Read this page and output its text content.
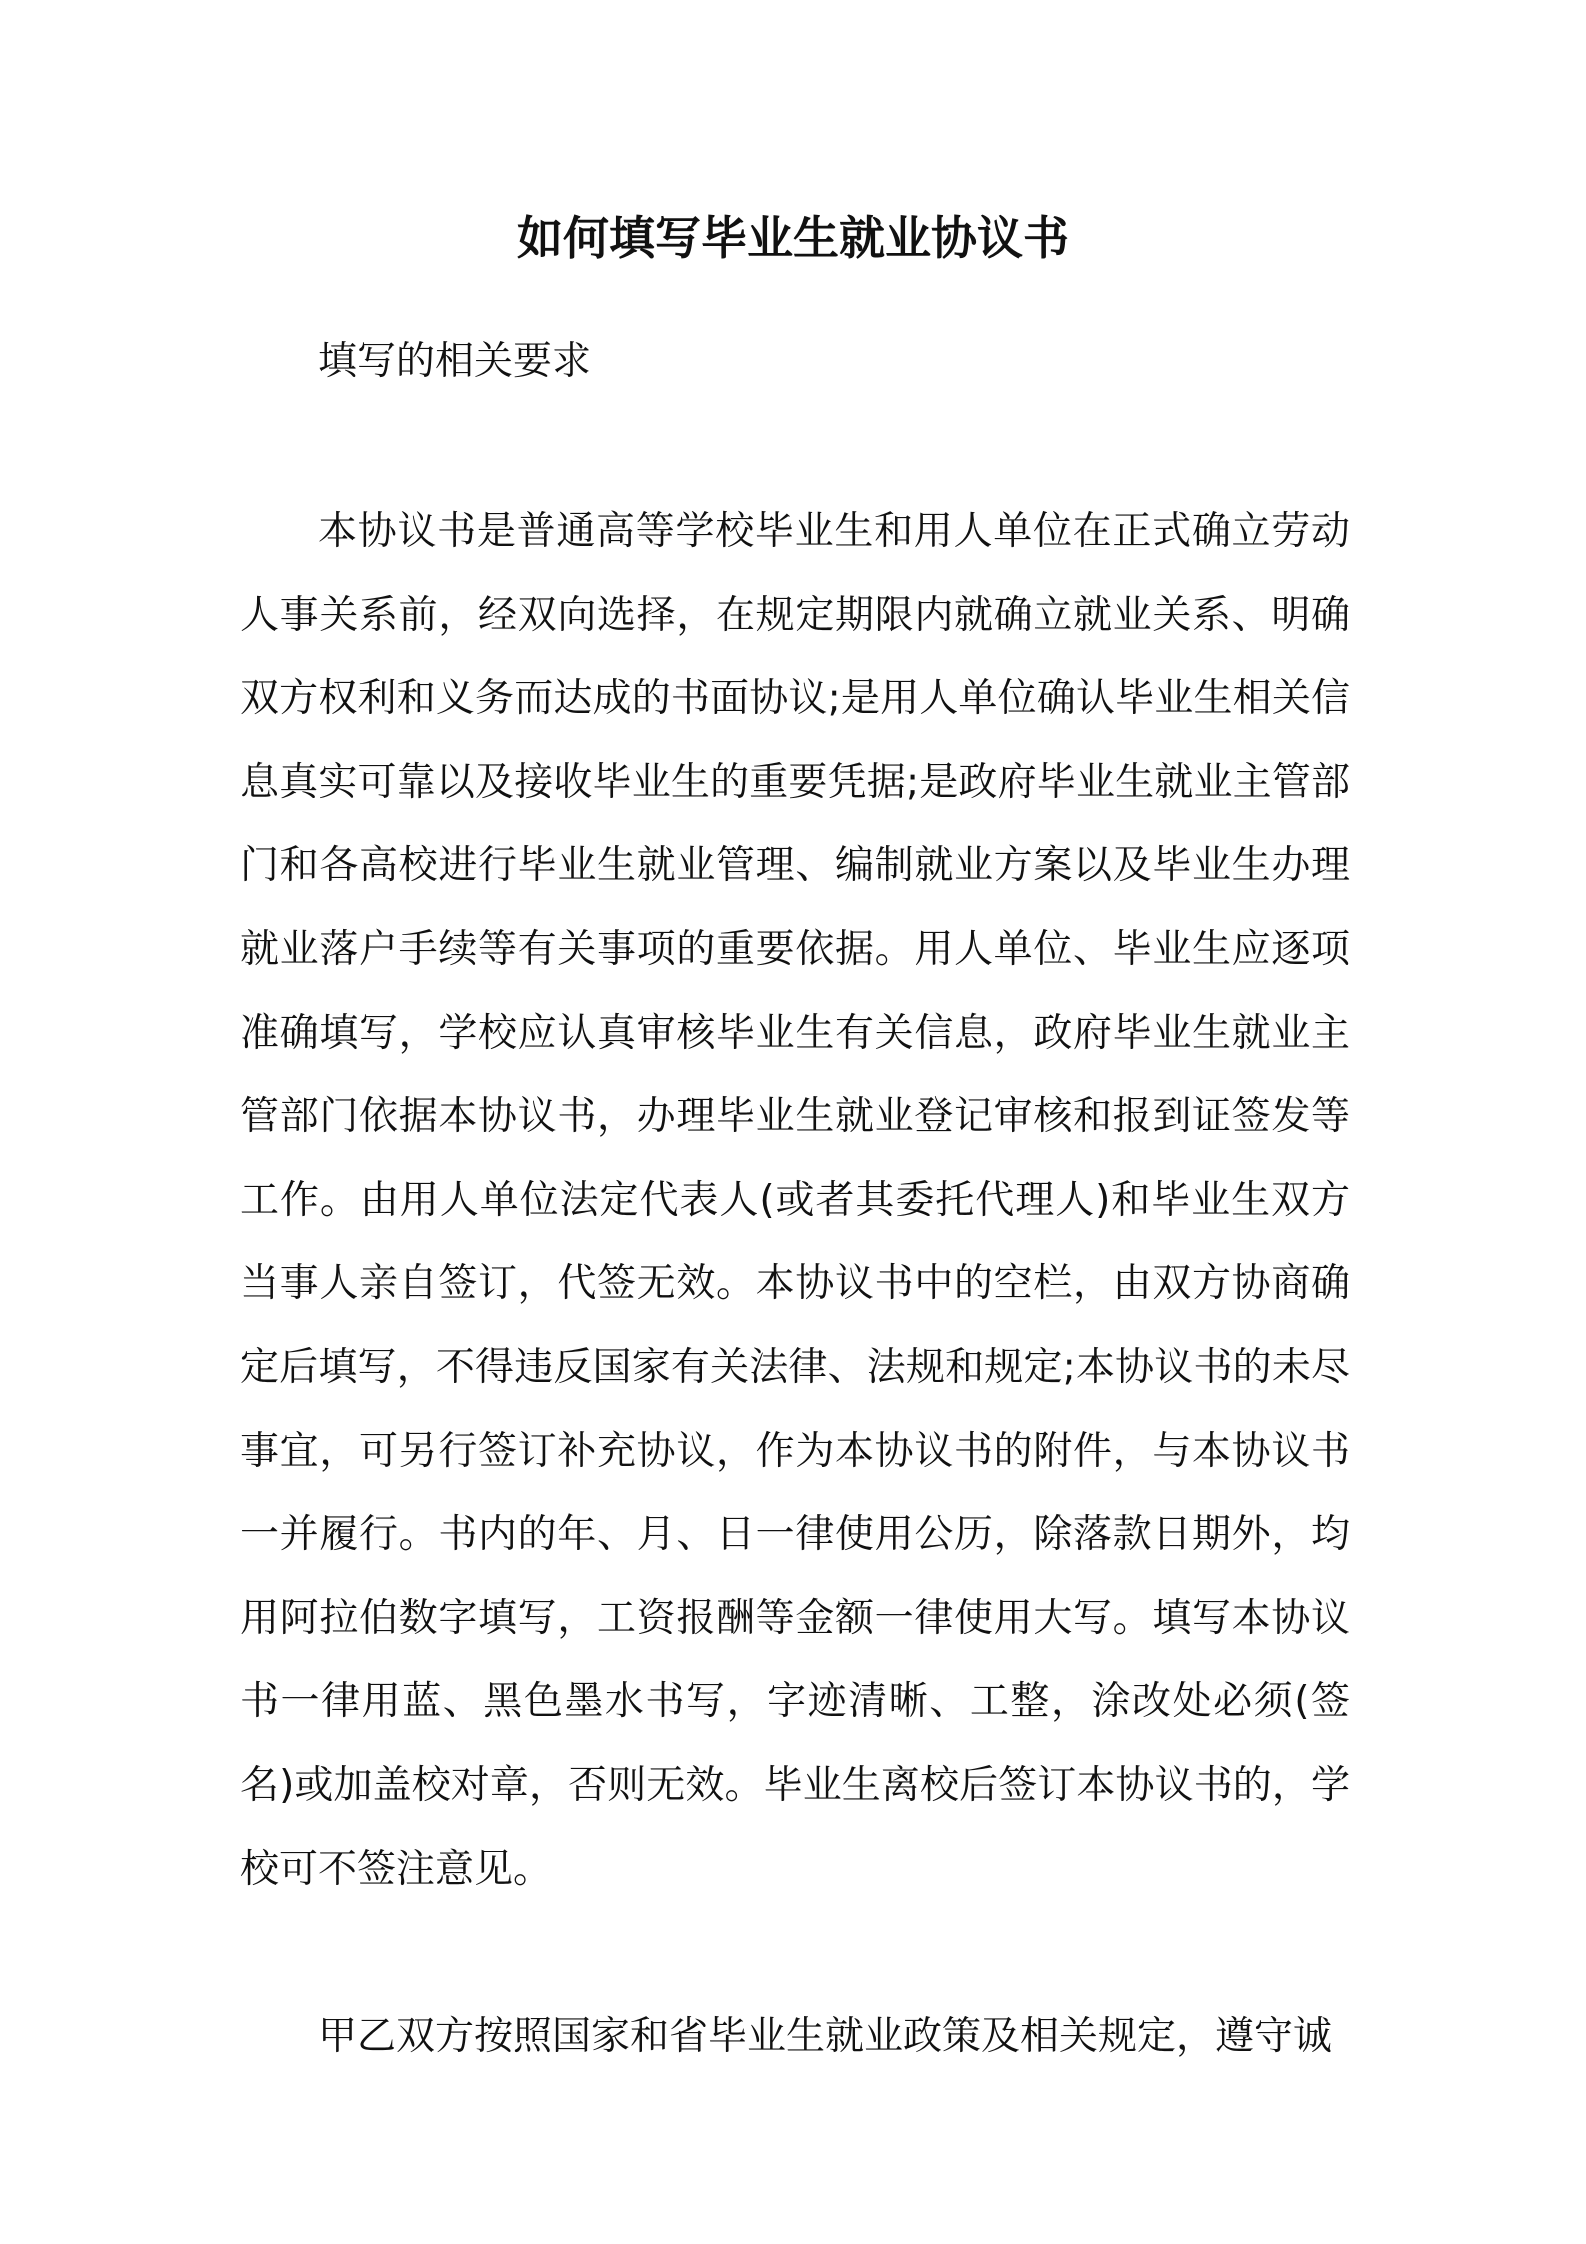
如何填写毕业生就业协议书

填写的相关要求

本协议书是普通高等学校毕业生和用人单位在正式确立劳动人事关系前，经双向选择，在规定期限内就确立就业关系、明确双方权利和义务而达成的书面协议;是用人单位确认毕业生相关信息真实可靠以及接收毕业生的重要凭据;是政府毕业生就业主管部门和各高校进行毕业生就业管理、编制就业方案以及毕业生办理就业落户手续等有关事项的重要依据。用人单位、毕业生应逐项准确填写，学校应认真审核毕业生有关信息，政府毕业生就业主管部门依据本协议书，办理毕业生就业登记审核和报到证签发等工作。由用人单位法定代表人(或者其委托代理人)和毕业生双方当事人亲自签订，代签无效。本协议书中的空栏，由双方协商确定后填写，不得违反国家有关法律、法规和规定;本协议书的未尽事宜，可另行签订补充协议，作为本协议书的附件，与本协议书一并履行。书内的年、月、日一律使用公历，除落款日期外，均用阿拉伯数字填写，工资报酬等金额一律使用大写。填写本协议书一律用蓝、黑色墨水书写，字迹清晰、工整，涂改处必须(签名)或加盖校对章，否则无效。毕业生离校后签订本协议书的，学校可不签注意见。

甲乙双方按照国家和省毕业生就业政策及相关规定，遵守诚
